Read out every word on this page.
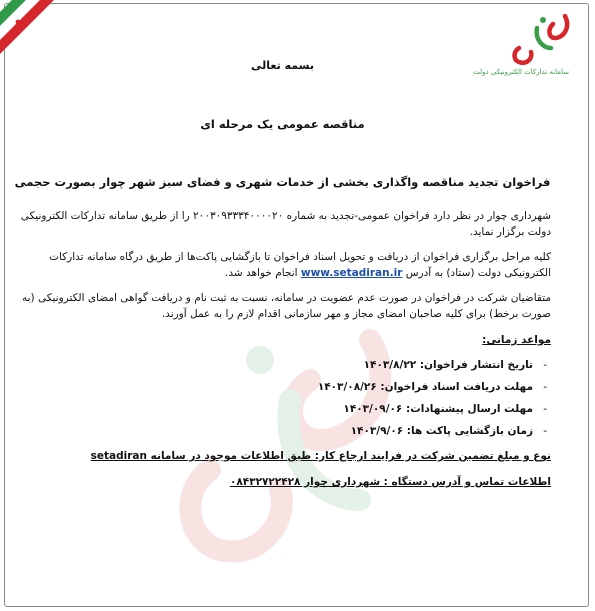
سامانه تدارکات الکترونیکی دولت
بسمه تعالی
مناقصه عمومی یک مرحله ای
فراخوان تجدید مناقصه واگذاری بخشی از خدمات شهری و فضای سبز شهر چوار بصورت حجمی

شهرداری چوار در نظر دارد فراخوان عمومی-تجدید به شماره ۲۰۰۳۰۹۳۳۳۴۰۰۰۰۲۰ را از طریق سامانه تدارکات الکترونیکی دولت برگزار نماید.

کلیه مراحل برگزاری فراخوان از دریافت و تحویل اسناد فراخوان تا بازگشایی پاکت‌ها از طریق درگاه سامانه تدارکات الکترونیکی دولت (ستاد) به آدرس www.setadiran.ir انجام خواهد شد.

متقاضیان شرکت در فراخوان در صورت عدم عضویت در سامانه، نسبت به ثبت نام و دریافت گواهی امضای الکترونیکی (به صورت برخط) برای کلیه صاحبان امضای مجاز و مهر سازمانی اقدام لازم را به عمل آورند.

مواعد زمانی:
- تاریخ انتشار فراخوان: ۱۴۰۳/۸/۲۲
- مهلت دریافت اسناد فراخوان: ۱۴۰۳/۰۸/۲۶
- مهلت ارسال پیشنهادات: ۱۴۰۳/۰۹/۰۶
- زمان بازگشایی پاکت ها: ۱۴۰۳/۹/۰۶
نوع و مبلغ تضمین شرکت در فرایند ارجاع کار: طبق اطلاعات موجود در سامانه setadiran
اطلاعات تماس و آدرس دستگاه : شهرداری چوار ۰۸۴۳۲۷۲۲۴۲۸
